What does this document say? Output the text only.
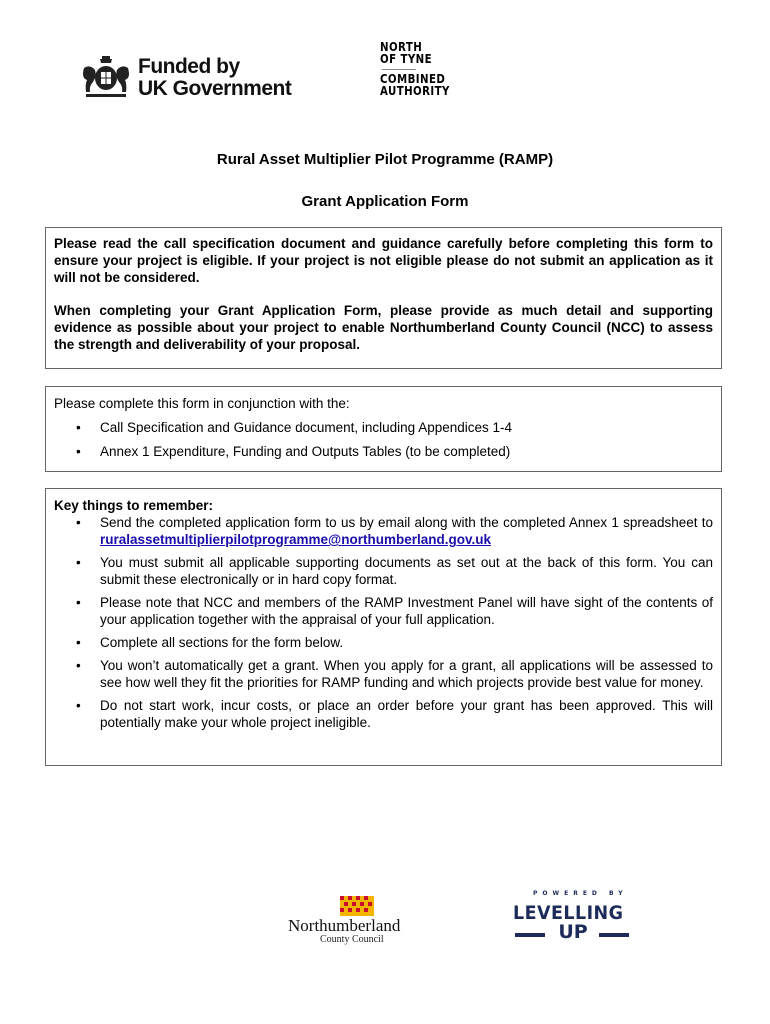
Funded by
UK Government
NORTH
OF TYNE
COMBINED
AUTHORITY
Rural Asset Multiplier Pilot Programme (RAMP)
Grant Application Form

Please read the call specification document and guidance carefully before completing this form to ensure your project is eligible. If your project is not eligible please do not submit an application as it will not be considered.

When completing your Grant Application Form, please provide as much detail and supporting evidence as possible about your project to enable Northumberland County Council (NCC) to assess the strength and deliverability of your proposal.

Please complete this form in conjunction with the:
• Call Specification and Guidance document, including Appendices 1-4
• Annex 1 Expenditure, Funding and Outputs Tables (to be completed)
Key things to remember:
• Send the completed application form to us by email along with the completed Annex 1 spreadsheet to ruralassetmultiplierpilotprogramme@northumberland.gov.uk
• You must submit all applicable supporting documents as set out at the back of this form. You can submit these electronically or in hard copy format.
• Please note that NCC and members of the RAMP Investment Panel will have sight of the contents of your application together with the appraisal of your full application.
• Complete all sections for the form below.
• You won’t automatically get a grant. When you apply for a grant, all applications will be assessed to see how well they fit the priorities for RAMP funding and which projects provide best value for money.
• Do not start work, incur costs, or place an order before your grant has been approved. This will potentially make your whole project ineligible.
Northumberland
County Council
POWERED BY
LEVELLING
UP
